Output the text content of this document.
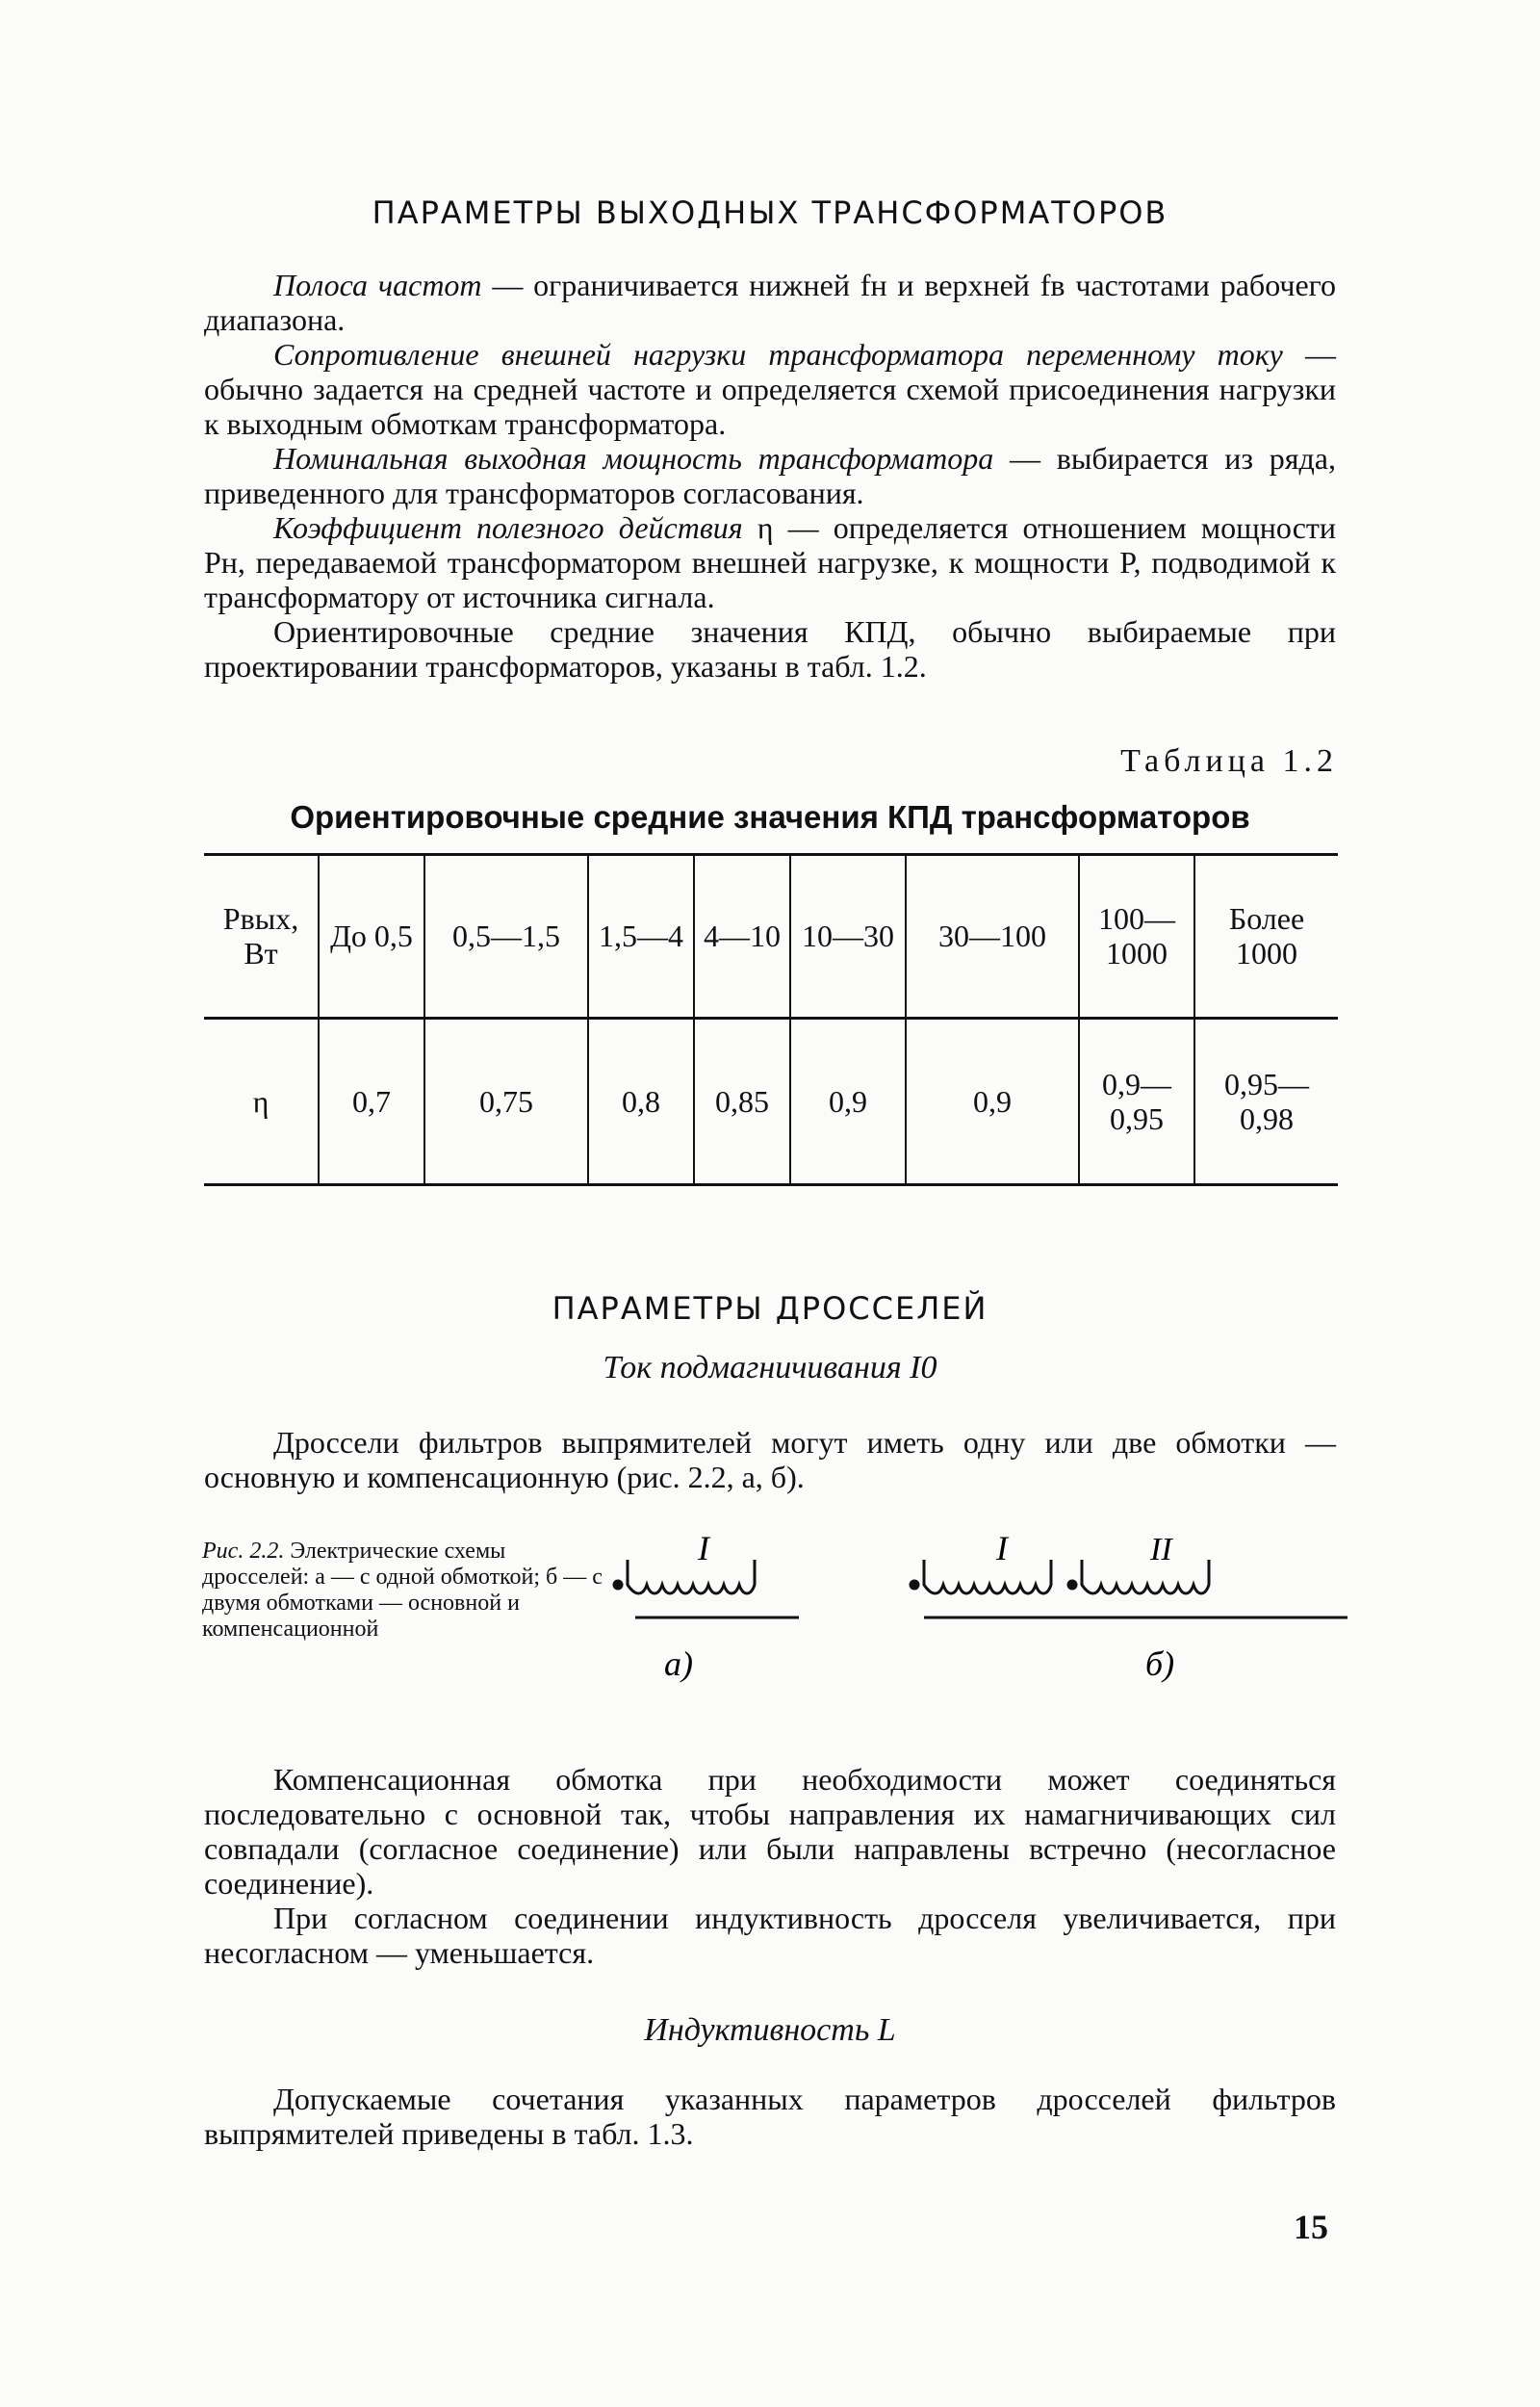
ПАРАМЕТРЫ ВЫХОДНЫХ ТРАНСФОРМАТОРОВ

Полоса частот — ограничивается нижней fн и верхней fв частотами рабочего диапазона.

Сопротивление внешней нагрузки трансформатора переменному току — обычно задается на средней частоте и определяется схемой присоединения нагрузки к выходным обмоткам трансформатора.

Номинальная выходная мощность трансформатора — выбирается из ряда, приведенного для трансформаторов согласования.

Коэффициент полезного действия η — определяется отношением мощности Pн, передаваемой трансформатором внешней нагрузке, к мощности P, подводимой к трансформатору от источника сигнала.

Ориентировочные средние значения КПД, обычно выбираемые при проектировании трансформаторов, указаны в табл. 1.2.

Таблица 1.2
Ориентировочные средние значения КПД трансформаторов
Pвых, Вт	До 0,5	0,5—1,5	1,5—4	4—10	10—30	30—100	100—1000	Более 1000
η	0,7	0,75	0,8	0,85	0,9	0,9	0,9—0,95	0,95—0,98
ПАРАМЕТРЫ ДРОССЕЛЕЙ
Ток подмагничивания I0

Дроссели фильтров выпрямителей могут иметь одну или две обмотки — основную и компенсационную (рис. 2.2, а, б).

Рис. 2.2. Электрические схемы дросселей: а — с одной обмоткой; б — с двумя обмотками — основной и компенсационной
I
а)
I	II
б)

Компенсационная обмотка при необходимости может соединяться последовательно с основной так, чтобы направления их намагничивающих сил совпадали (согласное соединение) или были направлены встречно (несогласное соединение).

При согласном соединении индуктивность дросселя увеличивается, при несогласном — уменьшается.

Индуктивность L

Допускаемые сочетания указанных параметров дросселей фильтров выпрямителей приведены в табл. 1.3.

15
